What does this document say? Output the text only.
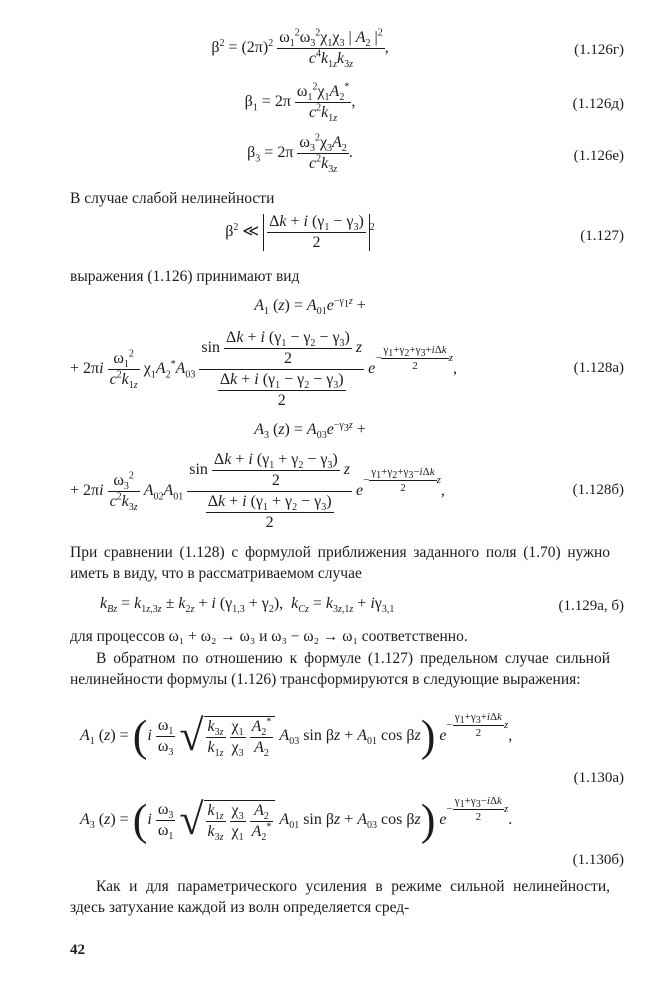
$\beta^2 = (2\pi)^2 \frac{\omega_1^2\omega_3^2\chi_1\chi_3 | A_2 |^2}{c^4k_{1z}k_{3z}}$ ,	(1.126г)
$\beta_1 = 2\pi \frac{\omega_1^2\chi_1A_2^*}{c^2k_{1z}}$ ,	(1.126д)
$\beta_3 = 2\pi \frac{\omega_3^2\chi_3A_2}{c^2k_{3z}}$ .	(1.126е)
В случае слабой нелинейности
$\beta^2$ ≪ $\frac{\Delta k + i (\gamma_1 - \gamma_3)}{2} ^2$
(1.127)
выражения (1.126) принимают вид
$A_1$ $(z) = A_{01}e^{-\gamma_1z}$ +
+ $2\pi i \frac{\omega_1^2}{c^2k_{1z}} \chi_1A_2^*A_{03} \frac{\sin \frac{\Delta k + i (\gamma_1 - \gamma_2 - \gamma_3)}{2} z}{\frac{\Delta k + i (\gamma_1 - \gamma_2 - \gamma_3)}{2}} e- \frac{\gamma_1+\gamma_2+\gamma_3+i\Delta k}{2} z$,	(1.128а)
$A_3$ $(z) = A_{03}e^{-\gamma_3z}$ +
+ $2\pi i \frac{\omega_3^2}{c^2k_{3z}} A_{02}A_{01} \frac{\sin \frac{\Delta k + i (\gamma_1 + \gamma_2 - \gamma_3)}{2} z}{\frac{\Delta k + i (\gamma_1 + \gamma_2 - \gamma_3)}{2}} e- \frac{\gamma_1+\gamma_2+\gamma_3-i\Delta k}{2} z$,	(1.128б)
При сравнении (1.128) с формулой приближения заданного поля (1.70) нужно иметь в виду, что в рассматриваемом случае
$k_{Bz} = k_{1z,3z} \pm k_{2z} + i$ $(\gamma_{1,3} + \gamma_2)$,  $k_{Cz} = k_{3z,1z} + i\gamma_{3,1}$	(1.129а, б)
для процессов ω₁ + ω₂ → ω₃ и ω₃ − ω₂ → ω₁ соответственно.
В обратном по отношению к формуле (1.127) предельном случае сильной нелинейности формулы (1.126) трансформируются в следующие выражения:
$A_1$ $(z) = (i \frac{\omega_1}{\omega_3}$ √ $\frac{k_{3z}}{k_{1z}}$
$\frac{\chi_1}{\chi_3}$
$\frac{A_2^*}{A_2} A_{03}$ $\sin \beta z + A_{01}$ cos βz) $e- \frac{\gamma_1+\gamma_3+i\Delta k}{2} z$,
(1.130а)
$A_3$ $(z) = (i \frac{\omega_3}{\omega_1}$ √ $\frac{k_{1z}}{k_{3z}}$
$\frac{\chi_3}{\chi_1}$
$\frac{A_2}{A_2^*} A_{01}$ $\sin \beta z + A_{03}$ cos βz) $e- \frac{\gamma_1+\gamma_3-i\Delta k}{2} z$.
(1.130б)
Как и для параметрического усиления в режиме сильной нелинейности, здесь затухание каждой из волн определяется сред-
42
